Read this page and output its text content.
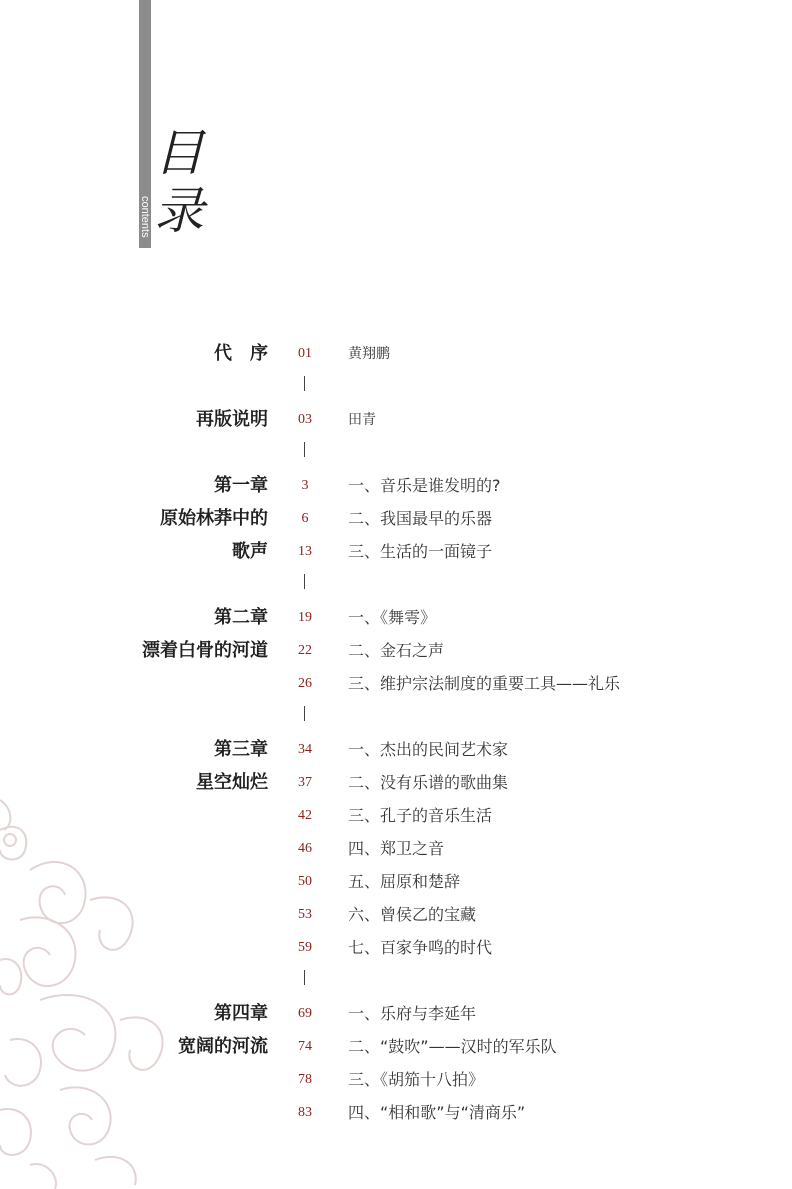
contents
目
录
代　序	01	黄翔鹏
再版说明	03	田青
第一章	3	一、音乐是谁发明的?
原始林莽中的	6	二、我国最早的乐器
歌声	13	三、生活的一面镜子
第二章	19	一、《舞雩》
漂着白骨的河道	22	二、金石之声
26	三、维护宗法制度的重要工具——礼乐
第三章	34	一、杰出的民间艺术家
星空灿烂	37	二、没有乐谱的歌曲集
42	三、孔子的音乐生活
46	四、郑卫之音
50	五、屈原和楚辞
53	六、曾侯乙的宝藏
59	七、百家争鸣的时代
第四章	69	一、乐府与李延年
宽阔的河流	74	二、“鼓吹”——汉时的军乐队
78	三、《胡笳十八拍》
83	四、“相和歌”与“清商乐”
